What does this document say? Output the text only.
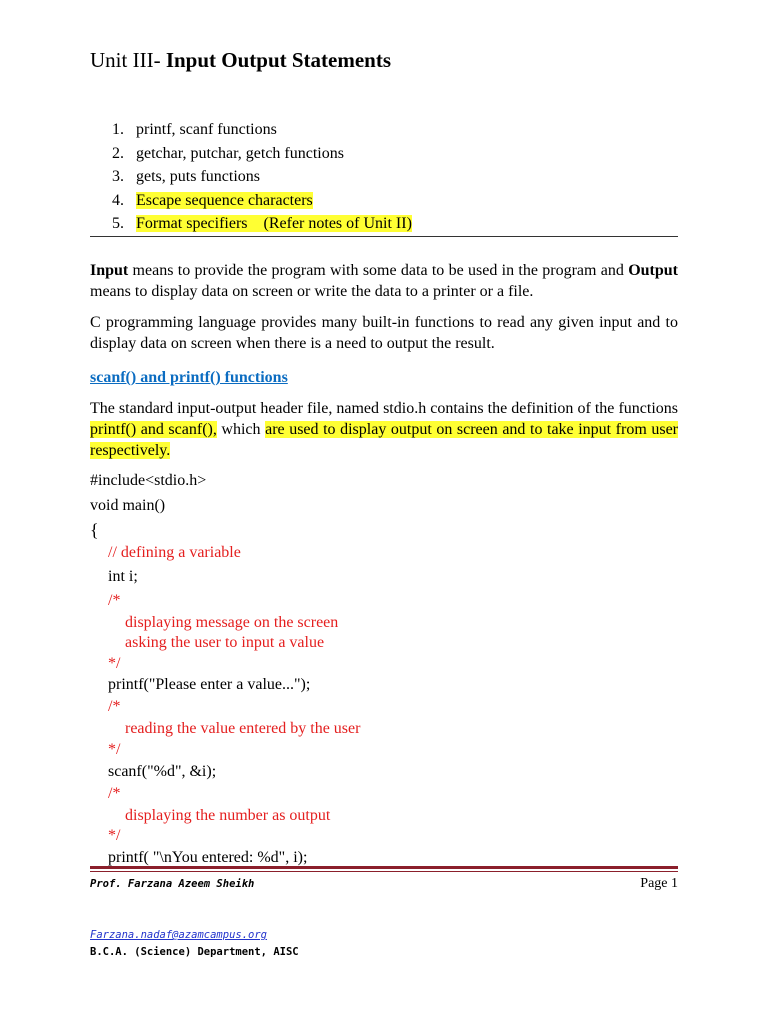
Unit III- Input Output Statements
1. printf, scanf functions
2. getchar, putchar, getch functions
3. gets, puts functions
4. Escape sequence characters
5. Format specifiers    (Refer notes of Unit II)

Input means to provide the program with some data to be used in the program and Output means to display data on screen or write the data to a printer or a file.

C programming language provides many built-in functions to read any given input and to display data on screen when there is a need to output the result.

scanf() and printf() functions

The standard input-output header file, named stdio.h contains the definition of the functions printf() and scanf(), which are used to display output on screen and to take input from user respectively.

#include<stdio.h>
void main()
{
// defining a variable
int i;
/*
displaying message on the screen
asking the user to input a value
*/
printf("Please enter a value...");
/*
reading the value entered by the user
*/
scanf("%d", &i);
/*
displaying the number as output
*/
printf( "\nYou entered: %d", i);
Prof. Farzana Azeem Sheikh	Page 1
Farzana.nadaf@azamcampus.org
B.C.A. (Science) Department, AISC
